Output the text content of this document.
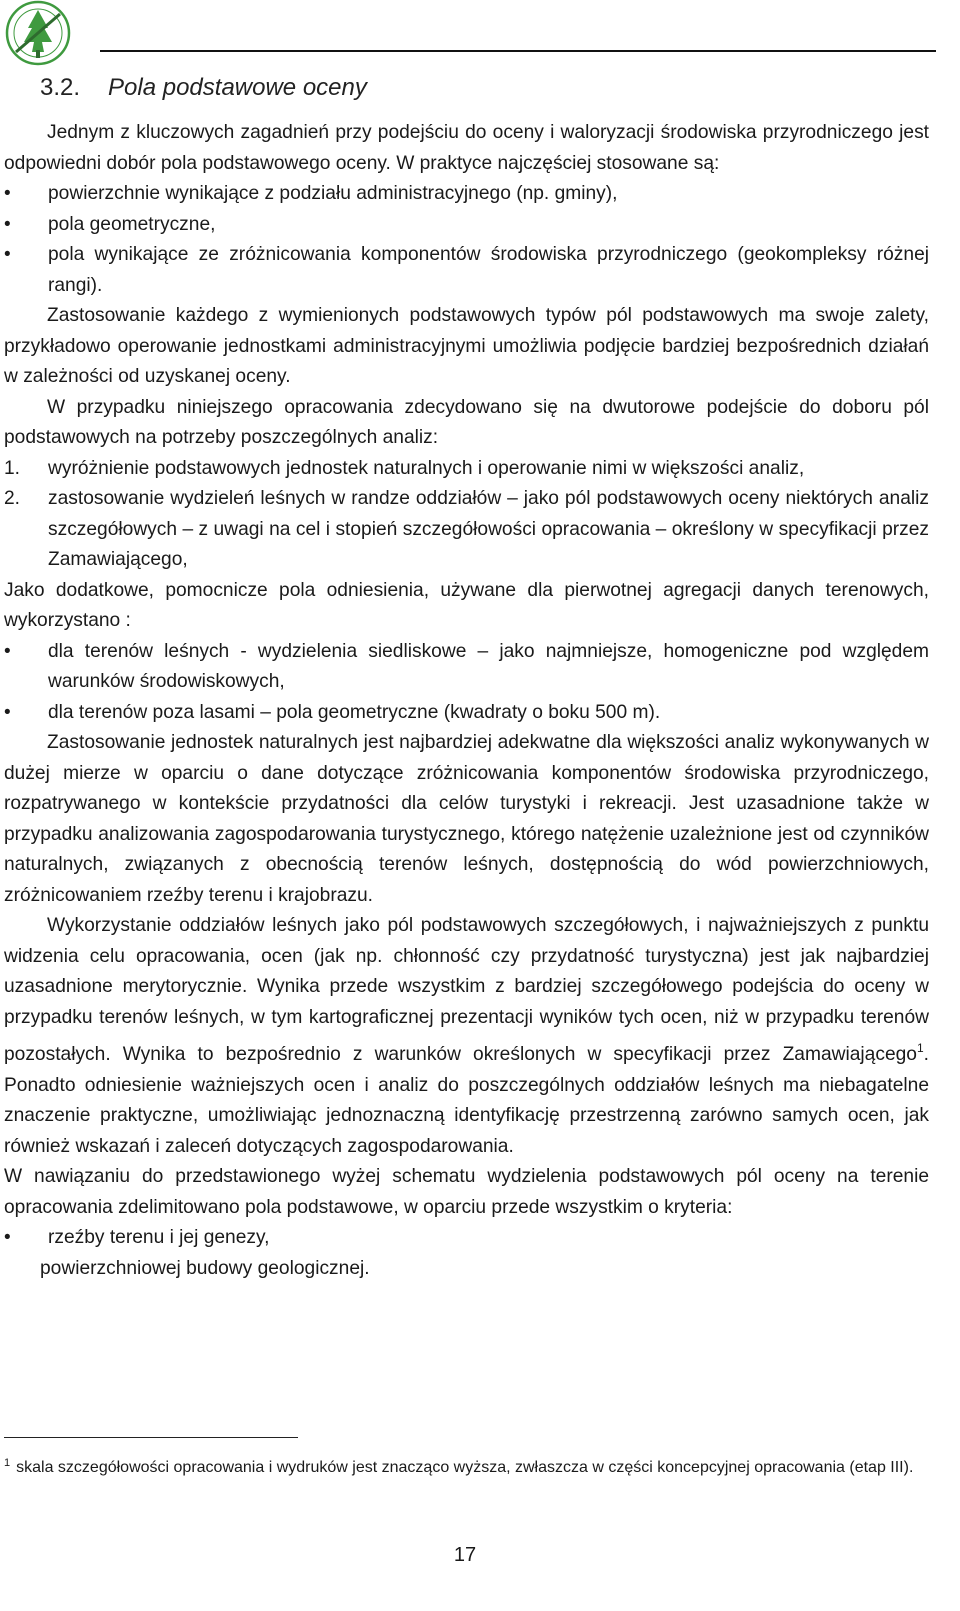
3.2. Pola podstawowe oceny

Jednym z kluczowych zagadnień przy podejściu do oceny i waloryzacji środowiska przyrodniczego jest odpowiedni dobór pola podstawowego oceny. W praktyce najczęściej stosowane są:

• powierzchnie wynikające z podziału administracyjnego (np. gminy),
• pola geometryczne,
• pola wynikające ze zróżnicowania komponentów środowiska przyrodniczego (geokompleksy różnej rangi).

Zastosowanie każdego z wymienionych podstawowych typów pól podstawowych ma swoje zalety, przykładowo operowanie jednostkami administracyjnymi umożliwia podjęcie bardziej bezpośrednich działań w zależności od uzyskanej oceny.

W przypadku niniejszego opracowania zdecydowano się na dwutorowe podejście do doboru pól podstawowych na potrzeby poszczególnych analiz:

1. wyróżnienie podstawowych jednostek naturalnych i operowanie nimi w większości analiz,
2. zastosowanie wydzieleń leśnych w randze oddziałów – jako pól podstawowych oceny niektórych analiz szczegółowych – z uwagi na cel i stopień szczegółowości opracowania – określony w specyfikacji przez Zamawiającego,

Jako dodatkowe, pomocnicze pola odniesienia, używane dla pierwotnej agregacji danych terenowych, wykorzystano :

• dla terenów leśnych - wydzielenia siedliskowe – jako najmniejsze, homogeniczne pod względem warunków środowiskowych,
• dla terenów poza lasami – pola geometryczne (kwadraty o boku 500 m).

Zastosowanie jednostek naturalnych jest najbardziej adekwatne dla większości analiz wykonywanych w dużej mierze w oparciu o dane dotyczące zróżnicowania komponentów środowiska przyrodniczego, rozpatrywanego w kontekście przydatności dla celów turystyki i rekreacji. Jest uzasadnione także w przypadku analizowania zagospodarowania turystycznego, którego natężenie uzależnione jest od czynników naturalnych, związanych z obecnością terenów leśnych, dostępnością do wód powierzchniowych, zróżnicowaniem rzeźby terenu i krajobrazu.

Wykorzystanie oddziałów leśnych jako pól podstawowych szczegółowych, i najważniejszych z punktu widzenia celu opracowania, ocen (jak np. chłonność czy przydatność turystyczna) jest jak najbardziej uzasadnione merytorycznie. Wynika przede wszystkim z bardziej szczegółowego podejścia do oceny w przypadku terenów leśnych, w tym kartograficznej prezentacji wyników tych ocen, niż w przypadku terenów pozostałych. Wynika to bezpośrednio z warunków określonych w specyfikacji przez Zamawiającego$^1$. Ponadto odniesienie ważniejszych ocen i analiz do poszczególnych oddziałów leśnych ma niebagatelne znaczenie praktyczne, umożliwiając jednoznaczną identyfikację przestrzenną zarówno samych ocen, jak również wskazań i zaleceń dotyczących zagospodarowania.

W nawiązaniu do przedstawionego wyżej schematu wydzielenia podstawowych pól oceny na terenie opracowania zdelimitowano pola podstawowe, w oparciu przede wszystkim o kryteria:

• rzeźby terenu i jej genezy,

powierzchniowej budowy geologicznej.

$^1$ skala szczegółowości opracowania i wydruków jest znacząco wyższa, zwłaszcza w części koncepcyjnej opracowania (etap III).

17
